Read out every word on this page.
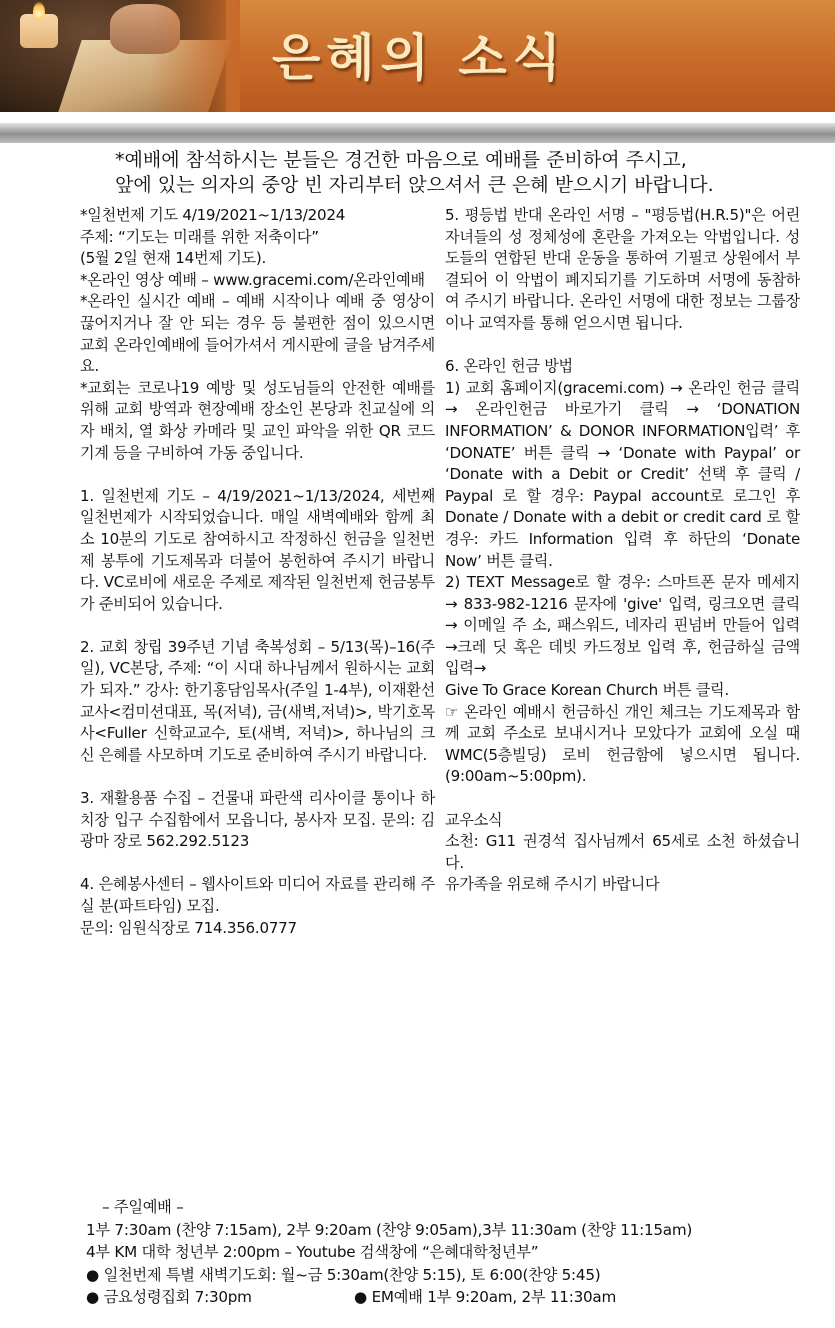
은혜의 소식
*예배에 참석하시는 분들은 경건한 마음으로 예배를 준비하여 주시고,
앞에 있는 의자의 중앙 빈 자리부터 앉으셔서 큰 은혜 받으시기 바랍니다.

*일천번제 기도 4/19/2021~1/13/2024
주제: “기도는 미래를 위한 저축이다”
(5월 2일 현재 14번제 기도).

*온라인 영상 예배 – www.gracemi.com/온라인예배

*온라인 실시간 예배 – 예배 시작이나 예배 중 영상이 끊어지거나 잘 안 되는 경우 등 불편한 점이 있으시면 교회 온라인예배에 들어가셔서 게시판에 글을 남겨주세요.

*교회는 코로나19 예방 및 성도님들의 안전한 예배를 위해 교회 방역과 현장예배 장소인 본당과 친교실에 의자 배치, 열 화상 카메라 및 교인 파악을 위한 QR 코드 기계 등을 구비하여 가동 중입니다.

1. 일천번제 기도 – 4/19/2021~1/13/2024, 세번째 일천번제가 시작되었습니다. 매일 새벽예배와 함께 최소 10분의 기도로 참여하시고 작정하신 헌금을 일천번제 봉투에 기도제목과 더불어 봉헌하여 주시기 바랍니다. VC로비에 새로운 주제로 제작된 일천번제 헌금봉투가 준비되어 있습니다.

2. 교회 창립 39주년 기념 축복성회 – 5/13(목)–16(주일), VC본당, 주제: “이 시대 하나님께서 원하시는 교회가 되자.” 강사: 한기홍담임목사(주일 1-4부), 이재환선교사<컴미션대표, 목(저녁), 금(새벽,저녁)>, 박기호목사<Fuller 신학교교수, 토(새벽, 저녁)>, 하나님의 크신 은혜를 사모하며 기도로 준비하여 주시기 바랍니다.

3. 재활용품 수집 – 건물내 파란색 리사이클 통이나 하치장 입구 수집함에서 모읍니다, 봉사자 모집. 문의: 김광마 장로 562.292.5123

4. 은혜봉사센터 – 웹사이트와 미디어 자료를 관리해 주실 분(파트타임) 모집.
문의: 임원식장로 714.356.0777

5. 평등법 반대 온라인 서명 – "평등법(H.R.5)"은 어린 자녀들의 성 정체성에 혼란을 가져오는 악법입니다. 성도들의 연합된 반대 운동을 통하여 기필코 상원에서 부결되어 이 악법이 폐지되기를 기도하며 서명에 동참하여 주시기 바랍니다. 온라인 서명에 대한 정보는 그룹장이나 교역자를 통해 얻으시면 됩니다.

6. 온라인 헌금 방법

1) 교회 홈페이지(gracemi.com) → 온라인 헌금 클릭 → 온라인헌금 바로가기 클릭 → ‘DONATION INFORMATION’ & DONOR INFORMATION입력’ 후 ‘DONATE’ 버튼 클릭 → ‘Donate with Paypal’ or ‘Donate with a Debit or Credit’ 선택 후 클릭 / Paypal 로 할 경우: Paypal account로 로그인 후 Donate / Donate with a debit or credit card 로 할 경우: 카드 Information 입력 후 하단의 ‘Donate Now’ 버튼 클릭.

2) TEXT Message로 할 경우: 스마트폰 문자 메세지 → 833-982-1216 문자에 'give' 입력, 링크오면 클릭 → 이메일 주 소, 패스워드, 네자리 핀넘버 만들어 입력→크레 딧 혹은 데빗 카드정보 입력 후, 헌금하실 금액 입력→
Give To Grace Korean Church 버튼 클릭.

☞ 온라인 예배시 헌금하신 개인 체크는 기도제목과 함께 교회 주소로 보내시거나 모았다가 교회에 오실 때 WMC(5층빌딩) 로비 헌금함에 넣으시면 됩니다. (9:00am~5:00pm).

교우소식

소천: G11 권경석 집사님께서 65세로 소천 하셨습니다.
유가족을 위로해 주시기 바랍니다

– 주일예배 –
1부 7:30am (찬양 7:15am), 2부 9:20am (찬양 9:05am),3부 11:30am (찬양 11:15am)
4부 KM 대학 청년부 2:00pm – Youtube 검색창에 “은혜대학청년부”
● 일천번제 특별 새벽기도회: 월~금 5:30am(찬양 5:15), 토 6:00(찬양 5:45)
● 금요성령집회 7:30pm	● EM예배 1부 9:20am, 2부 11:30am
